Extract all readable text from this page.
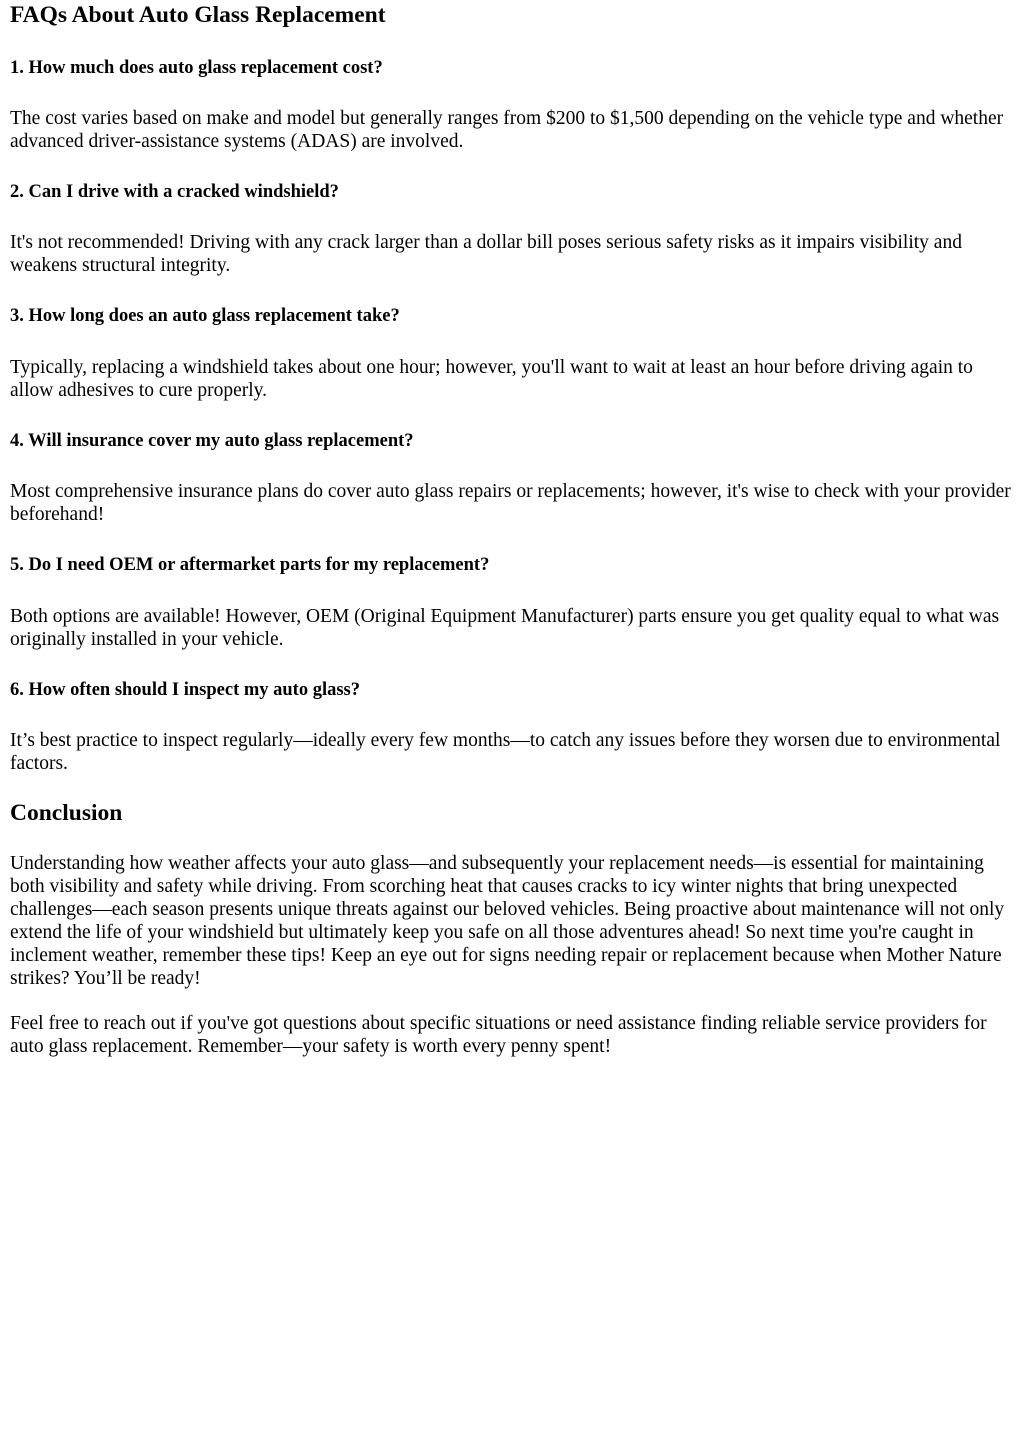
FAQs About Auto Glass Replacement
1. How much does auto glass replacement cost?

The cost varies based on make and model but generally ranges from $200 to $1,500 depending on the vehicle type and whether advanced driver-assistance systems (ADAS) are involved.

2. Can I drive with a cracked windshield?

It's not recommended! Driving with any crack larger than a dollar bill poses serious safety risks as it impairs visibility and weakens structural integrity.

3. How long does an auto glass replacement take?

Typically, replacing a windshield takes about one hour; however, you'll want to wait at least an hour before driving again to allow adhesives to cure properly.

4. Will insurance cover my auto glass replacement?

Most comprehensive insurance plans do cover auto glass repairs or replacements; however, it's wise to check with your provider beforehand!

5. Do I need OEM or aftermarket parts for my replacement?

Both options are available! However, OEM (Original Equipment Manufacturer) parts ensure you get quality equal to what was originally installed in your vehicle.

6. How often should I inspect my auto glass?

It’s best practice to inspect regularly—ideally every few months—to catch any issues before they worsen due to environmental factors.

Conclusion

Understanding how weather affects your auto glass—and subsequently your replacement needs—is essential for maintaining both visibility and safety while driving. From scorching heat that causes cracks to icy winter nights that bring unexpected challenges—each season presents unique threats against our beloved vehicles. Being proactive about maintenance will not only extend the life of your windshield but ultimately keep you safe on all those adventures ahead! So next time you're caught in inclement weather, remember these tips! Keep an eye out for signs needing repair or replacement because when Mother Nature strikes? You’ll be ready!

Feel free to reach out if you've got questions about specific situations or need assistance finding reliable service providers for auto glass replacement. Remember—your safety is worth every penny spent!
